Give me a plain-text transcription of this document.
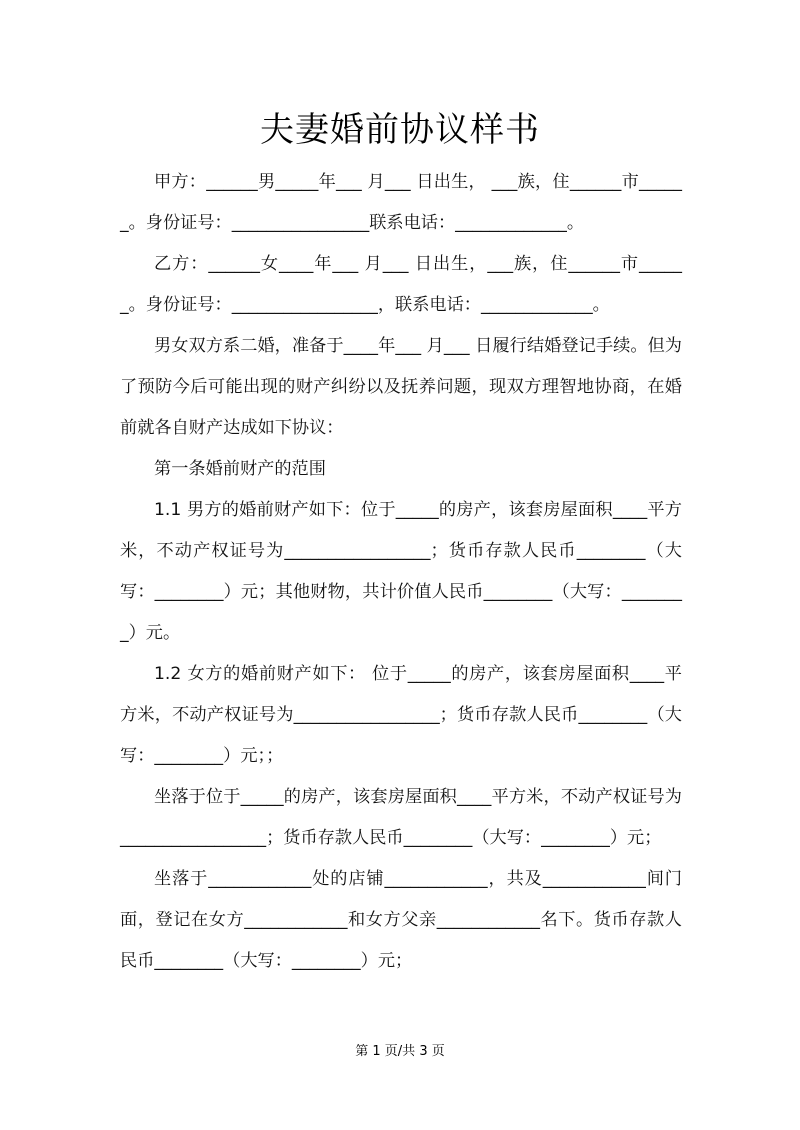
夫妻婚前协议样书

甲方：______男_____年___ 月___ 日出生， ___族，住______市______。身份证号：________________联系电话：_____________。

乙方：______女____年___ 月___ 日出生，___族，住______市______。身份证号：_________________，联系电话：_____________。

男女双方系二婚，准备于____年___ 月___ 日履行结婚登记手续。但为了预防今后可能出现的财产纠纷以及抚养问题，现双方理智地协商，在婚前就各自财产达成如下协议：

第一条婚前财产的范围

1.1 男方的婚前财产如下：位于_____的房产，该套房屋面积____平方米，不动产权证号为_________________；货币存款人民币________（大写：________）元；其他财物，共计价值人民币________（大写：________）元。

1.2 女方的婚前财产如下： 位于_____的房产，该套房屋面积____平方米，不动产权证号为_________________；货币存款人民币________（大写：________）元；；

坐落于位于_____的房产，该套房屋面积____平方米，不动产权证号为_________________；货币存款人民币________（大写：________）元；

坐落于____________处的店铺____________，共及____________间门面，登记在女方____________和女方父亲____________名下。货币存款人民币________（大写：________）元；

第 1 页/共 3 页
